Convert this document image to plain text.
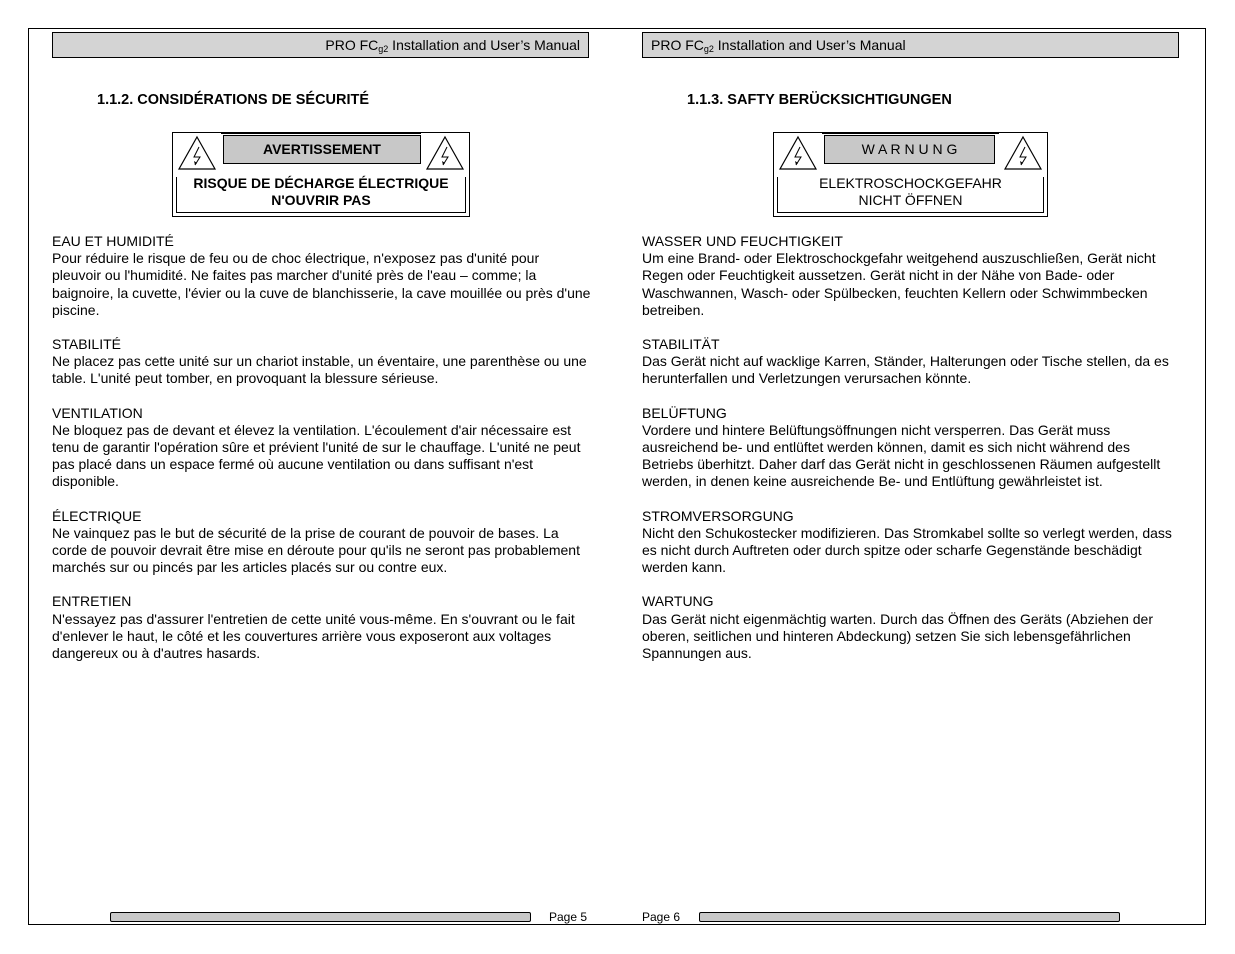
PRO $FC_{g2}$ Installation and User’s Manual
1.1.2. CONSIDÉRATIONS DE SÉCURITÉ
AVERTISSEMENT
RISQUE DE DÉCHARGE ÉLECTRIQUE
N'OUVRIR PAS
EAU ET HUMIDITÉ
Pour réduire le risque de feu ou de choc électrique, n'exposez pas d'unité pour pleuvoir ou l'humidité. Ne faites pas marcher d'unité près de l'eau – comme; la baignoire, la cuvette, l'évier ou la cuve de blanchisserie, la cave mouillée ou près d'une piscine.
STABILITÉ
Ne placez pas cette unité sur un chariot instable, un éventaire, une parenthèse ou une table. L'unité peut tomber, en provoquant la blessure sérieuse.
VENTILATION
Ne bloquez pas de devant et élevez la ventilation. L'écoulement d'air nécessaire est tenu de garantir l'opération sûre et prévient l'unité de sur le chauffage. L'unité ne peut pas placé dans un espace fermé où aucune ventilation ou dans suffisant n'est disponible.
ÉLECTRIQUE
Ne vainquez pas le but de sécurité de la prise de courant de pouvoir de bases. La corde de pouvoir devrait être mise en déroute pour qu'ils ne seront pas probablement marchés sur ou pincés par les articles placés sur ou contre eux.
ENTRETIEN
N'essayez pas d'assurer l'entretien de cette unité vous-même. En s'ouvrant ou le fait d'enlever le haut, le côté et les couvertures arrière vous exposeront aux voltages dangereux ou à d'autres hasards.
Page 5
PRO $FC_{g2}$ Installation and User’s Manual
1.1.3. SAFTY BERÜCKSICHTIGUNGEN
W A R N U N G
ELEKTROSCHOCKGEFAHR
NICHT ÖFFNEN
WASSER UND FEUCHTIGKEIT
Um eine Brand- oder Elektroschockgefahr weitgehend auszuschließen, Gerät nicht Regen oder Feuchtigkeit aussetzen. Gerät nicht in der Nähe von Bade- oder Waschwannen, Wasch- oder Spülbecken, feuchten Kellern oder Schwimmbecken betreiben.
STABILITÄT
Das Gerät nicht auf wacklige Karren, Ständer, Halterungen oder Tische stellen, da es herunterfallen und Verletzungen verursachen könnte.
BELÜFTUNG
Vordere und hintere Belüftungsöffnungen nicht versperren. Das Gerät muss ausreichend be- und entlüftet werden können, damit es sich nicht während des Betriebs überhitzt. Daher darf das Gerät nicht in geschlossenen Räumen aufgestellt werden, in denen keine ausreichende Be- und Entlüftung gewährleistet ist.
STROMVERSORGUNG
Nicht den Schukostecker modifizieren. Das Stromkabel sollte so verlegt werden, dass es nicht durch Auftreten oder durch spitze oder scharfe Gegenstände beschädigt werden kann.
WARTUNG
Das Gerät nicht eigenmächtig warten. Durch das Öffnen des Geräts (Abziehen der oberen, seitlichen und hinteren Abdeckung) setzen Sie sich lebensgefährlichen Spannungen aus.
Page 6
